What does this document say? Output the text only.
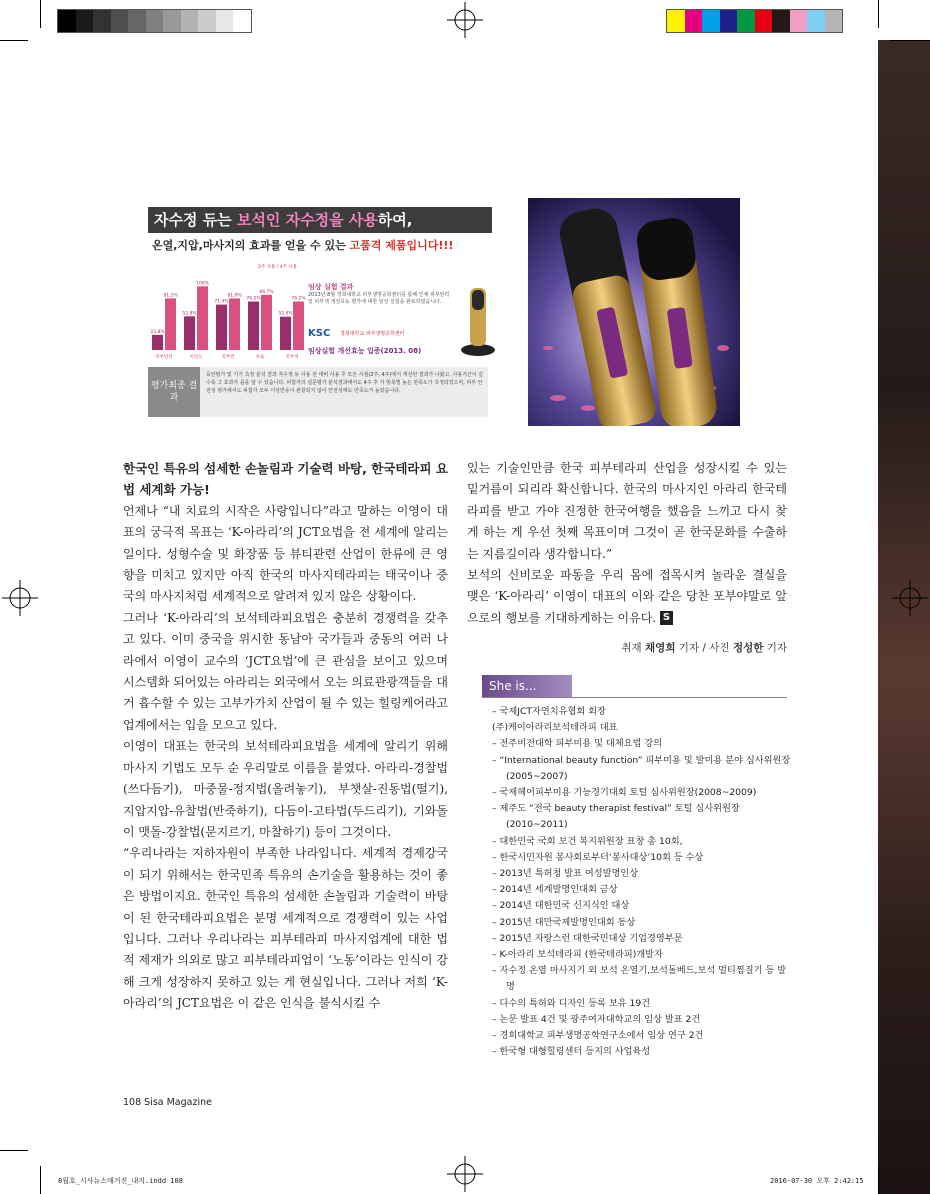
자수정 듀는 보석인 자수정을 사용하여,
온열,지압,마사지의 효과를 얻을 수 있는 고품격 제품입니다!!!
2주 사용 / 4주 사용
23.8%
81.1%
52.9%
100%
71.4%
81.0%
76.2%
86.7%
52.4%
76.2%
피부탄력	치밀도	피부결	보습	피부색
임상 실험 결과
2013년 8월 경희대학교 피부생명공학센터를 통해 인체 피부탄력 및 피부색 개선효능 평가에 대한 임상 실험을 완료하였습니다.
KSC 경희대학교 피부생명공학센터
임상실험 개선효능 입증(2013. 08)
평가최종 결 과
육안평가 및 기기 측정 분석 결과 자수정 듀 사용 전 대비 사용 후 모든 시점(2주, 4주)에서 개선된 결과가 나왔고, 사용기간이 길수록 그 효과가 큼을 알 수 있습니다. 피험자의 설문평가 분석결과에서도 4주 후 가 항목별 높은 만족도가 측정되었으며, 피부 안전성 평가에서도 피험자 모두 이상반응이 관찰되지 않아 안전성에도 만족도가 높았습니다.

한국인 특유의 섬세한 손놀림과 기술력 바탕, 한국테라피 요법 세계화 가능!

언제나 “내 치료의 시작은 사랑입니다”라고 말하는 이영이 대표의 궁극적 목표는 ‘K-아라리’의 JCT요법을 전 세계에 알리는 일이다. 성형수술 및 화장품 등 뷰티관련 산업이 한류에 큰 영향을 미치고 있지만 아직 한국의 마사지테라피는 태국이나 중국의 마사지처럼 세계적으로 알려져 있지 않은 상황이다.

그러나 ‘K-아라리’의 보석테라피요법은 충분히 경쟁력을 갖추고 있다. 이미 중국을 위시한 동남아 국가들과 중동의 여러 나라에서 이영이 교수의 ‘JCT요법’에 큰 관심을 보이고 있으며 시스템화 되어있는 아라리는 외국에서 오는 의료관광객들을 대거 흡수할 수 있는 고부가가치 산업이 될 수 있는 힐링케어라고 업계에서는 입을 모으고 있다.

이영이 대표는 한국의 보석테라피요법을 세계에 알리기 위해 마사지 기법도 모두 순 우리말로 이름을 붙였다. 아라리-경찰법(쓰다듬기), 마중물-정지법(올려놓기), 부챗살-진동법(떨기), 지압지압-유찰법(반죽하기), 다듬이-고타법(두드리기), 기와돌이 맷돌-강찰법(문지르기, 마찰하기) 등이 그것이다.

“우리나라는 지하자원이 부족한 나라입니다. 세계적 경제강국이 되기 위해서는 한국민족 특유의 손기술을 활용하는 것이 좋은 방법이지요. 한국인 특유의 섬세한 손놀림과 기술력이 바탕이 된 한국테라피요법은 분명 세계적으로 경쟁력이 있는 사업입니다. 그러나 우리나라는 피부테라피 마사지업계에 대한 법적 제재가 의외로 많고 피부테라피업이 ‘노동’이라는 인식이 강해 크게 성장하지 못하고 있는 게 현실입니다. 그러나 저희 ‘K-아라리’의 JCT요법은 이 같은 인식을 불식시킬 수

있는 기술인만큼 한국 피부테라피 산업을 성장시킬 수 있는 밑거름이 되리라 확신합니다. 한국의 마사지인 아라리 한국테라피를 받고 가야 진정한 한국여행을 했음을 느끼고 다시 찾게 하는 게 우선 첫째 목표이며 그것이 곧 한국문화를 수출하는 지름길이라 생각합니다.”

보석의 신비로운 파동을 우리 몸에 접목시켜 놀라운 결실을 맺은 ‘K-아라리’ 이영이 대표의 이와 같은 당찬 포부야말로 앞으로의 행보를 기대하게하는 이유다. S

취재 채영희 기자 / 사진 정성한 기자
She is...
– 국제JCT자연치유협회 회장
(주)케이아라리보석테라피 대표
– 전주비전대학 피부미용 및 대체요법 강의
– “International beauty function” 피부미용 및 발미용 분야 심사위원장(2005~2007)
– 국제헤어피부미용 기능경기대회 토털 심사위원장(2008~2009)
– 제주도 “전국 beauty therapist festival” 토털 심사위원장(2010~2011)
– 대한민국 국회 보건 복지위원장 표창 총 10회,
– 한국시민자원 봉사회로부터‘봉사대상’10회 등 수상
– 2013년 특허청 발표 여성발명인상
– 2014년 세계발명인대회 금상
– 2014년 대한민국 신지식인 대상
– 2015년 대만국제발명인대회 동상
– 2015년 자랑스런 대한국민대상 기업경영부문
– K-아라리 보석테라피 (한국테라피)개발자
– 자수정 온열 마사지기 외 보석 온열기,보석돌베드,보석 멀티찜질기 등 발명
– 다수의 특허와 디자인 등록 보유 19건
– 논문 발표 4건 및 광주여자대학교의 임상 발표 2건
– 경희대학교 피부생명공학연구소에서 임상 연구 2건
– 한국형 대형힐링센터 등지의 사업육성
108 Sisa Magazine
8월호_시사뉴스매거진_내지.indd 108	2016-07-30 오후 2:42:15
